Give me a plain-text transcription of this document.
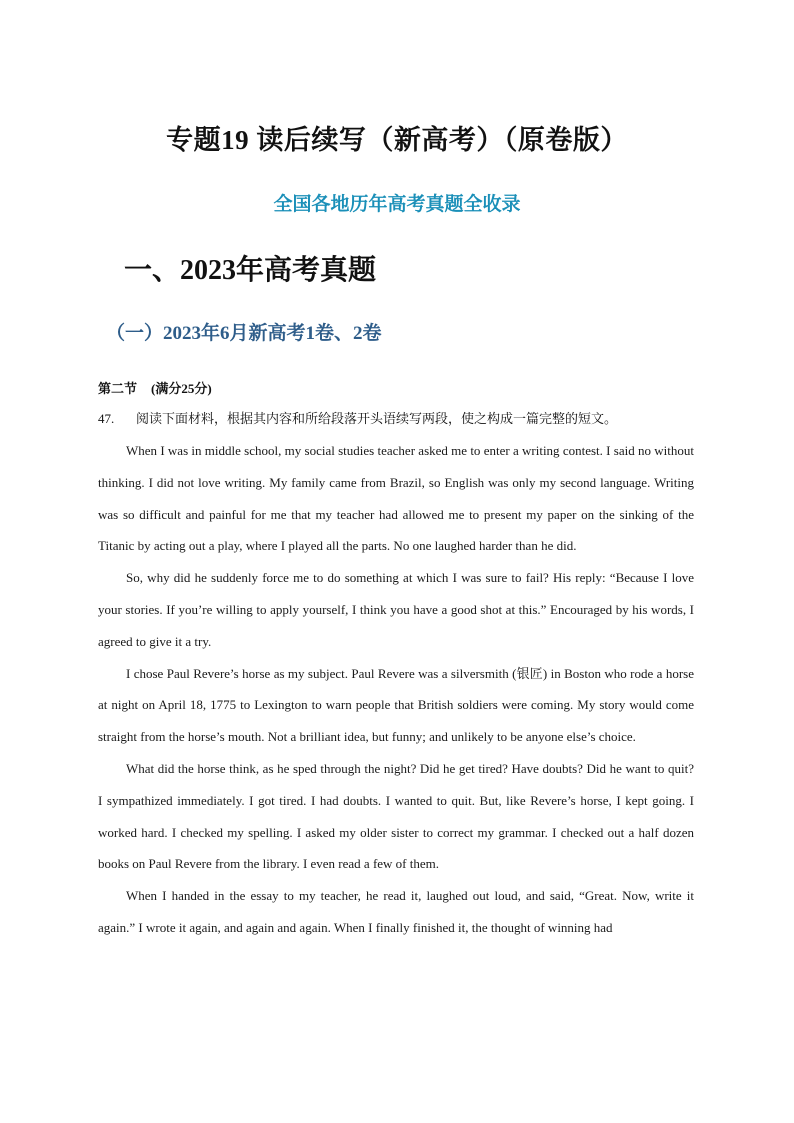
专题19 读后续写（新高考）（原卷版）
全国各地历年高考真题全收录
一、2023年高考真题
（一）2023年6月新高考1卷、2卷
第二节 (满分25分)
47. 阅读下面材料，根据其内容和所给段落开头语续写两段，使之构成一篇完整的短文。

When I was in middle school, my social studies teacher asked me to enter a writing contest. I said no without thinking. I did not love writing. My family came from Brazil, so English was only my second language. Writing was so difficult and painful for me that my teacher had allowed me to present my paper on the sinking of the Titanic by acting out a play, where I played all the parts. No one laughed harder than he did.

So, why did he suddenly force me to do something at which I was sure to fail? His reply: “Because I love your stories. If you’re willing to apply yourself, I think you have a good shot at this.” Encouraged by his words, I agreed to give it a try.

I chose Paul Revere’s horse as my subject. Paul Revere was a silversmith (银匠) in Boston who rode a horse at night on April 18, 1775 to Lexington to warn people that British soldiers were coming. My story would come straight from the horse’s mouth. Not a brilliant idea, but funny; and unlikely to be anyone else’s choice.

What did the horse think, as he sped through the night? Did he get tired? Have doubts? Did he want to quit? I sympathized immediately. I got tired. I had doubts. I wanted to quit. But, like Revere’s horse, I kept going. I worked hard. I checked my spelling. I asked my older sister to correct my grammar. I checked out a half dozen books on Paul Revere from the library. I even read a few of them.

When I handed in the essay to my teacher, he read it, laughed out loud, and said, “Great. Now, write it again.” I wrote it again, and again and again. When I finally finished it, the thought of winning had
